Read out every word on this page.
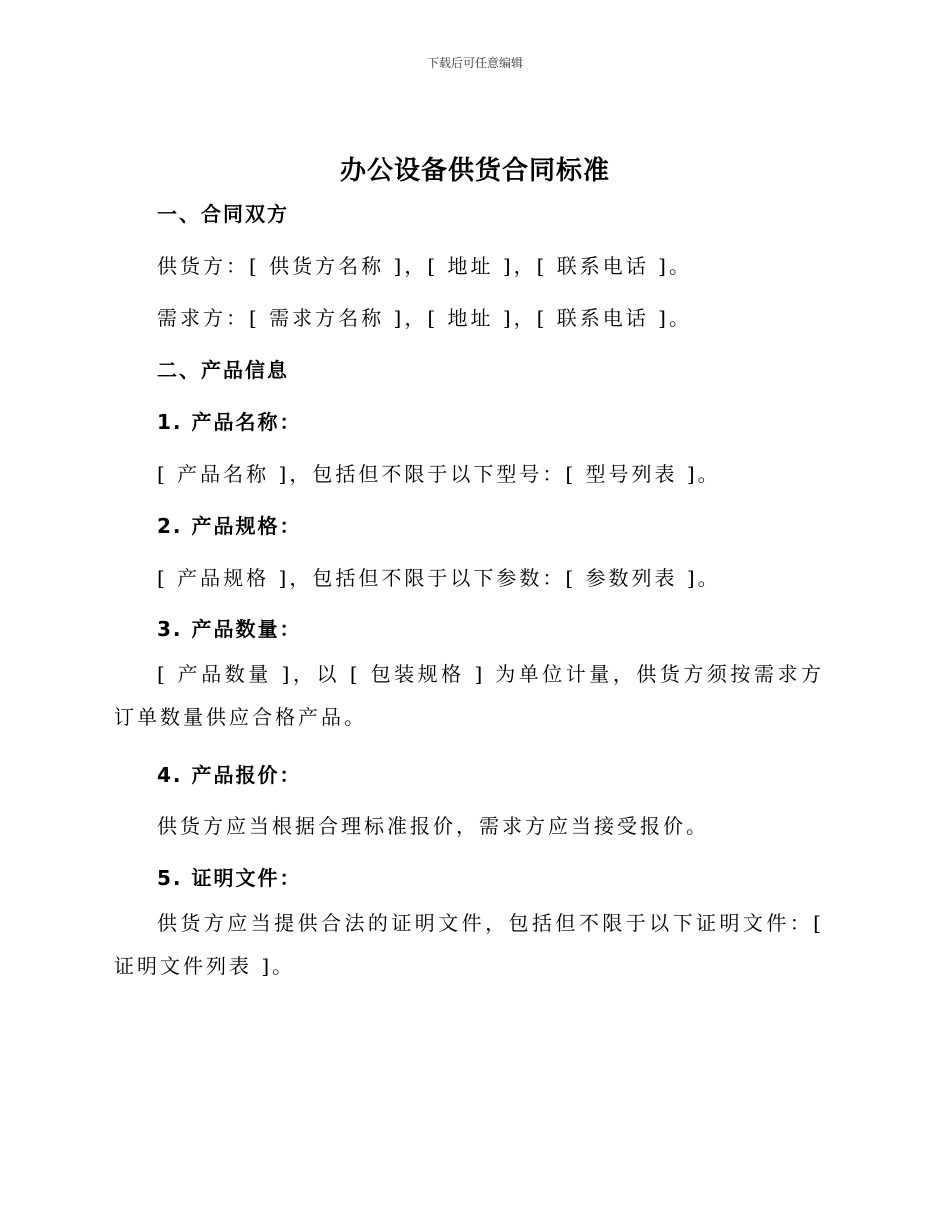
下载后可任意编辑
办公设备供货合同标准
一、合同双方
供货方：[ 供货方名称 ]，[ 地址 ]，[ 联系电话 ]。
需求方：[ 需求方名称 ]，[ 地址 ]，[ 联系电话 ]。
二、产品信息
1. 产品名称：
[ 产品名称 ]，包括但不限于以下型号：[ 型号列表 ]。
2. 产品规格：
[ 产品规格 ]，包括但不限于以下参数：[ 参数列表 ]。
3. 产品数量：
[ 产品数量 ]，以 [ 包装规格 ] 为单位计量，供货方须按需求方订单数量供应合格产品。
4. 产品报价：
供货方应当根据合理标准报价，需求方应当接受报价。
5. 证明文件：
供货方应当提供合法的证明文件，包括但不限于以下证明文件：[ 证明文件列表 ]。
